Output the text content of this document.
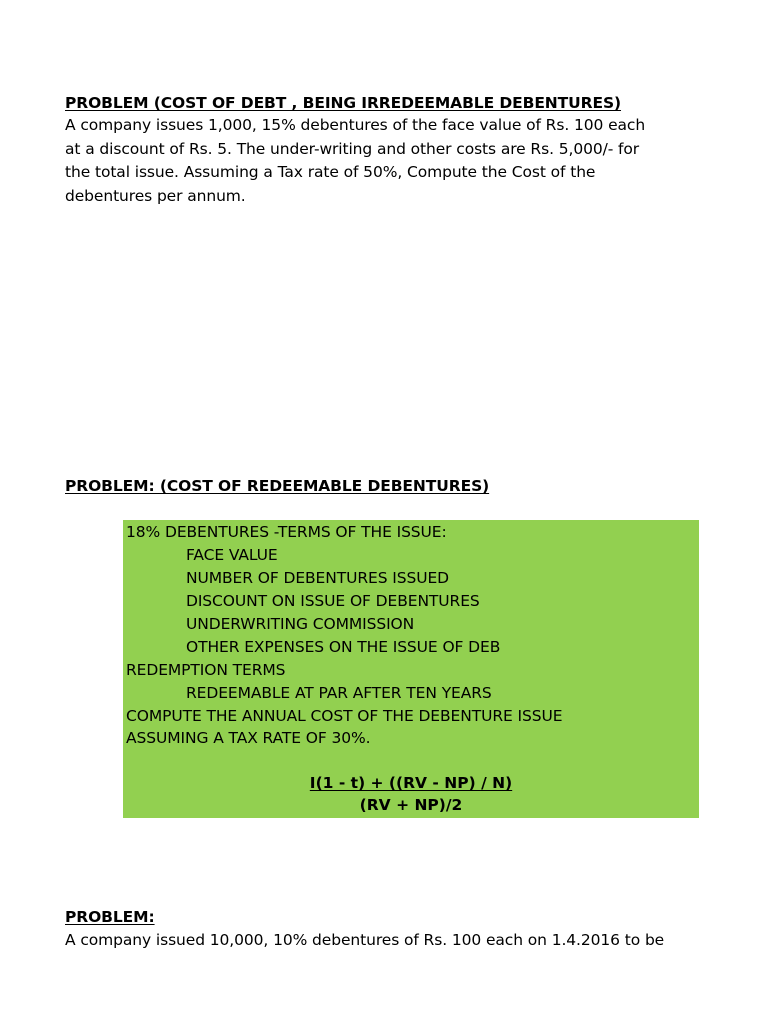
PROBLEM (COST OF DEBT , BEING IRREDEEMABLE DEBENTURES)
A company issues 1,000, 15% debentures of the face value of Rs. 100 each
at a discount of Rs. 5. The under-writing and other costs are Rs. 5,000/- for
the total issue. Assuming a Tax rate of 50%, Compute the Cost of the
debentures per annum.
PROBLEM: (COST OF REDEEMABLE DEBENTURES)
18% DEBENTURES -TERMS OF THE ISSUE:
FACE VALUE
NUMBER OF DEBENTURES ISSUED
DISCOUNT ON ISSUE OF DEBENTURES
UNDERWRITING COMMISSION
OTHER EXPENSES ON THE ISSUE OF DEB
REDEMPTION TERMS
REDEEMABLE AT PAR AFTER TEN YEARS
COMPUTE THE ANNUAL COST OF THE DEBENTURE ISSUE
ASSUMING A TAX RATE OF 30%.
I(1 - t) + ((RV - NP) / N)
(RV + NP)/2
PROBLEM:
A company issued 10,000, 10% debentures of Rs. 100 each on 1.4.2016 to be
